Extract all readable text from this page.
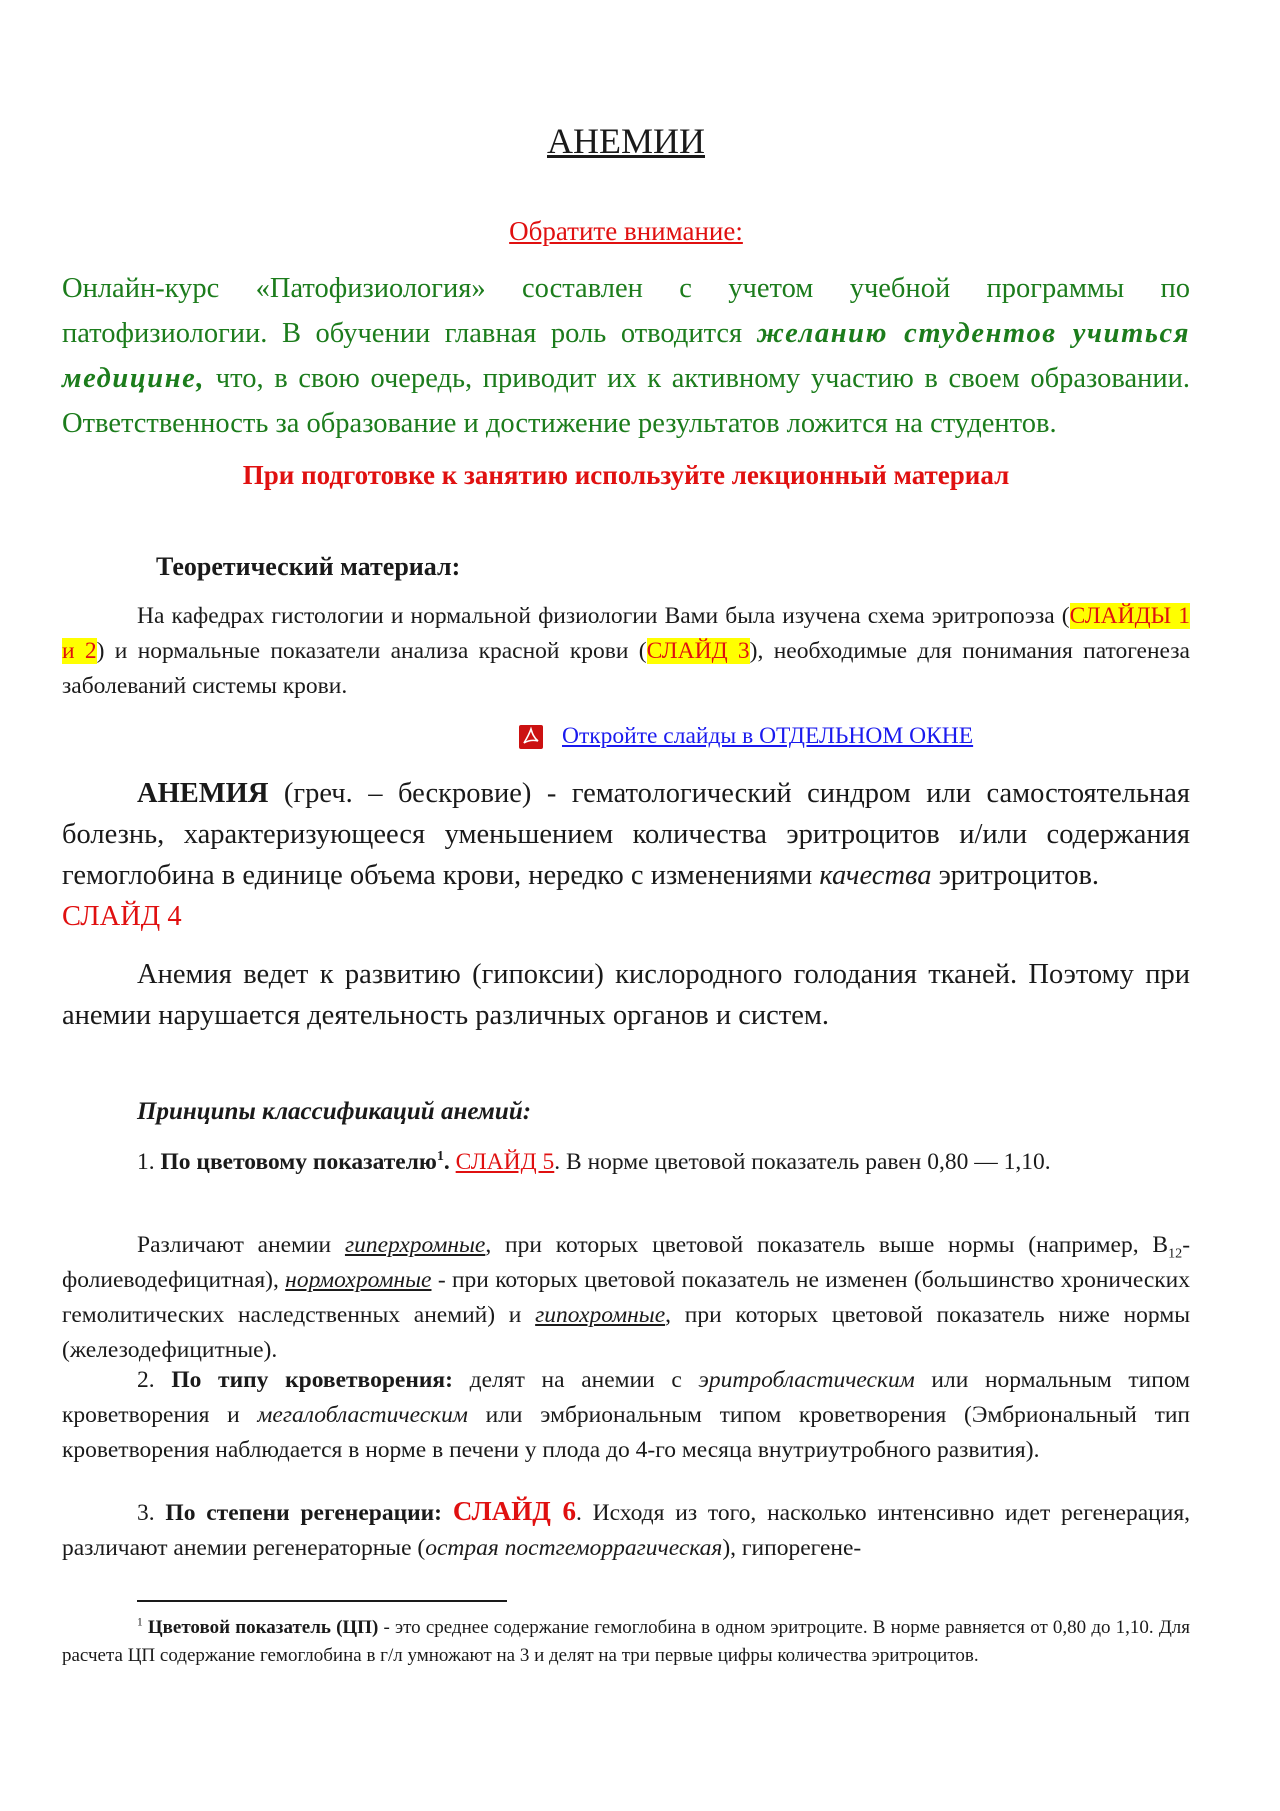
АНЕМИИ
Обратите внимание:
Онлайн-курс «Патофизиология» составлен с учетом учебной программы по патофизиологии. В обучении главная роль отводится желанию студентов учиться медицине, что, в свою очередь, приводит их к активному участию в своем образовании. Ответственность за образование и достижение результатов ложится на студентов.
При подготовке к занятию используйте лекционный материал
Теоретический материал:
На кафедрах гистологии и нормальной физиологии Вами была изучена схема эритропоэза (СЛАЙДЫ 1 и 2) и нормальные показатели анализа красной крови (СЛАЙД 3), необходимые для понимания патогенеза заболеваний системы крови.
Откройте слайды в ОТДЕЛЬНОМ ОКНЕ
АНЕМИЯ (греч. – бескровие) - гематологический синдром или самостоятельная болезнь, характеризующееся уменьшением количества эритроцитов и/или содержания гемоглобина в единице объема крови, нередко с изменениями качества эритроцитов.
СЛАЙД 4
Анемия ведет к развитию (гипоксии) кислородного голодания тканей. Поэтому при анемии нарушается деятельность различных органов и систем.
Принципы классификаций анемий:
1. По цветовому показателю$^1$. СЛАЙД 5. В норме цветовой показатель равен 0,80 — 1,10.
Различают анемии гиперхромные, при которых цветовой показатель выше нормы (например, $В_{12}-фолиеводефицитная$), нормохромные - при которых цветовой показатель не изменен (большинство хронических гемолитических наследственных анемий) и гипохромные, при которых цветовой показатель ниже нормы (железодефицитные).
2. По типу кроветворения: делят на анемии с эритробластическим или нормальным типом кроветворения и мегалобластическим или эмбриональным типом кроветворения (Эмбриональный тип кроветворения наблюдается в норме в печени у плода до 4-го месяца внутриутробного развития).
3. По степени регенерации: СЛАЙД 6. Исходя из того, насколько интенсивно идет регенерация, различают анемии регенераторные (острая постгеморрагическая), гипорегене-
$^1$ Цветовой показатель (ЦП) - это среднее содержание гемоглобина в одном эритроците. В норме равняется от 0,80 до 1,10. Для расчета ЦП содержание гемоглобина в г/л умножают на 3 и делят на три первые цифры количества эритроцитов.
